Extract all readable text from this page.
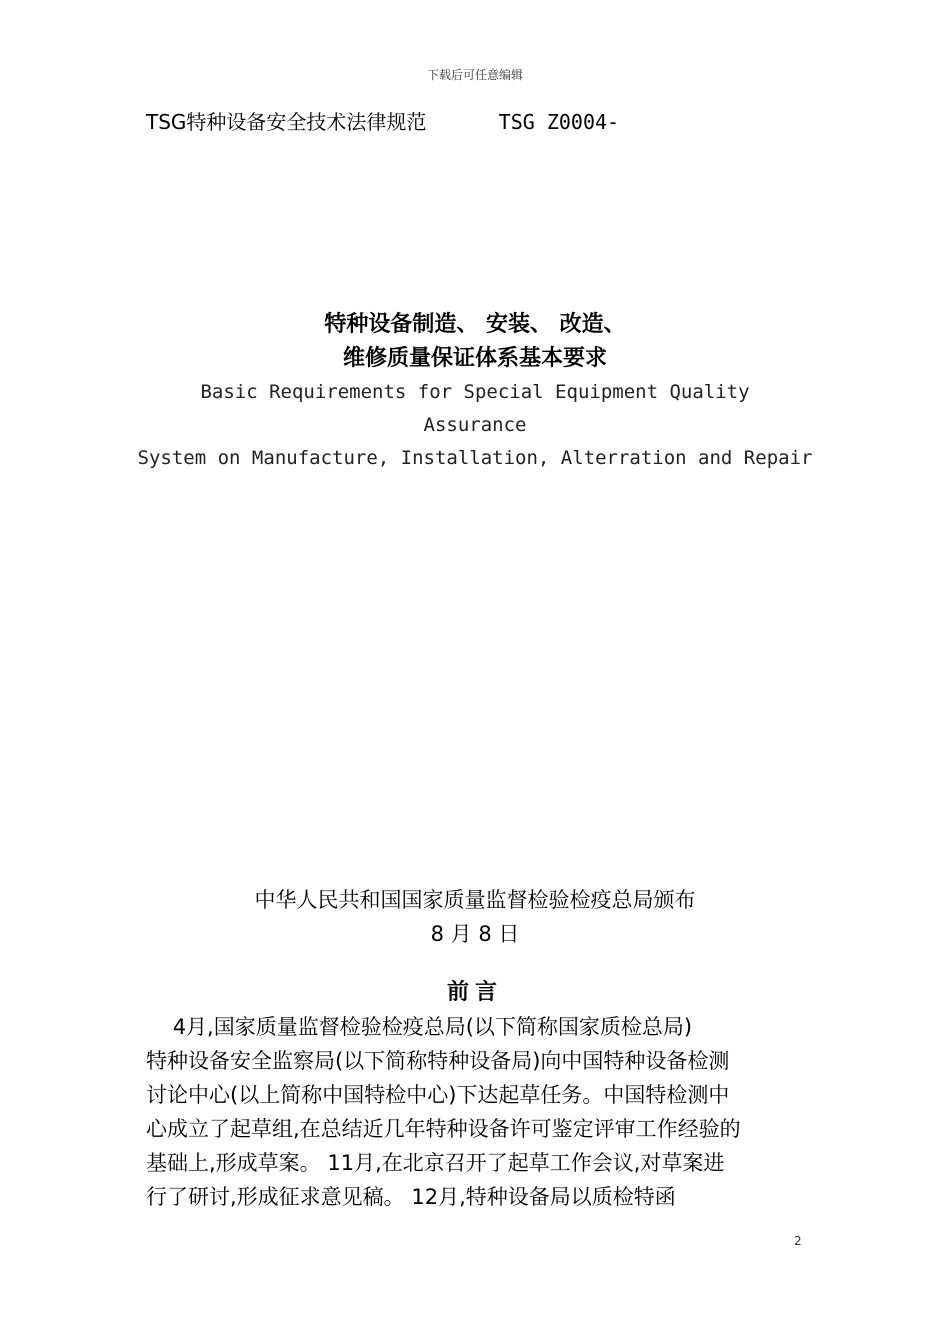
下载后可任意编辑
TSG特种设备安全技术法律规范	TSG Z0004-
特种设备制造、 安装、 改造、
维修质量保证体系基本要求
Basic Requirements for Special Equipment Quality Assurance
System on Manufacture, Installation, Alterration and Repair
中华人民共和国国家质量监督检验检疫总局颁布
8 月 8 日
前言
4月,国家质量监督检验检疫总局(以下简称国家质检总局)
特种设备安全监察局(以下简称特种设备局)向中国特种设备检测
讨论中心(以上简称中国特检中心)下达起草任务。中国特检测中
心成立了起草组,在总结近几年特种设备许可鉴定评审工作经验的
基础上,形成草案。 11月,在北京召开了起草工作会议,对草案进
行了研讨,形成征求意见稿。 12月,特种设备局以质检特函
2
